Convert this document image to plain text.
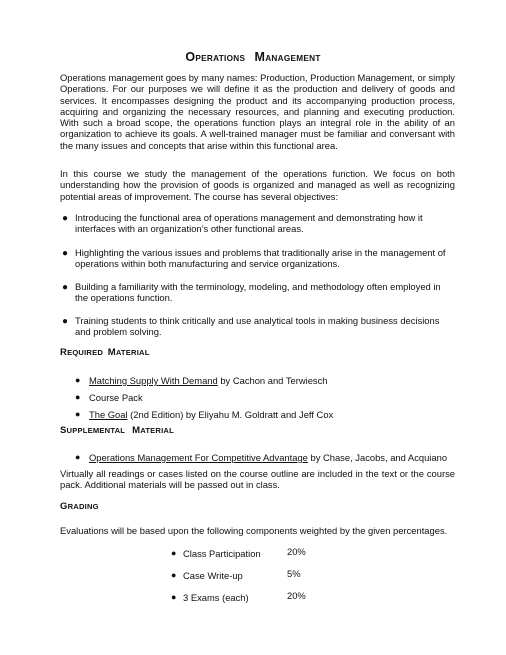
OPERATIONS MANAGEMENT

Operations management goes by many names: Production, Production Management, or simply Operations. For our purposes we will define it as the production and delivery of goods and services. It encompasses designing the product and its accompanying production process, acquiring and organizing the necessary resources, and planning and executing production. With such a broad scope, the operations function plays an integral role in the ability of an organization to achieve its goals. A well-trained manager must be familiar and conversant with the many issues and concepts that arise within this functional area.

In this course we study the management of the operations function. We focus on both understanding how the provision of goods is organized and managed as well as recognizing potential areas of improvement. The course has several objectives:

● Introducing the functional area of operations management and demonstrating how it interfaces with an organization’s other functional areas.
● Highlighting the various issues and problems that traditionally arise in the management of operations within both manufacturing and service organizations.
● Building a familiarity with the terminology, modeling, and methodology often employed in the operations function.
● Training students to think critically and use analytical tools in making business decisions and problem solving.
REQUIRED MATERIAL
● Matching Supply With Demand by Cachon and Terwiesch
● Course Pack
● The Goal (2nd Edition) by Eliyahu M. Goldratt and Jeff Cox
SUPPLEMENTAL MATERIAL
● Operations Management For Competitive Advantage by Chase, Jacobs, and Acquiano

Virtually all readings or cases listed on the course outline are included in the text or the course pack. Additional materials will be passed out in class.

GRADING

Evaluations will be based upon the following components weighted by the given percentages.

● Class Participation	20%
● Case Write-up	5%
● 3 Exams (each)	20%
